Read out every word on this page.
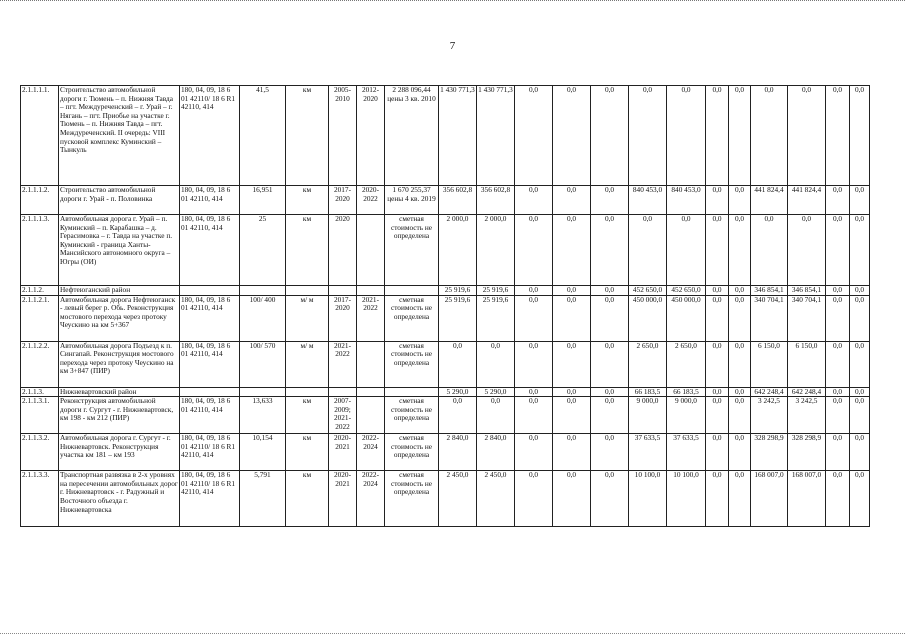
7
2.1.1.1.1.	Строительство автомобильной дороги г. Тюмень – п. Нижняя Тавда – пгт. Междуреченский – г. Урай – г. Нягань – пгт. Приобье на участке г. Тюмень – п. Нижняя Тавда – пгт. Междуреченский. II очередь: VIII пусковой комплекс Куминский – Тынкуль	180, 04, 09, 18 6 01 42110/ 18 6 R1 42110, 414	41,5	км	2005-2010	2012-2020	2 288 096,44 цены 3 кв. 2010	1 430 771,3	1 430 771,3	0,0	0,0	0,0	0,0	0,0	0,0	0,0	0,0	0,0	0,0	0,0
2.1.1.1.2.	Строительство автомобильной дороги г. Урай - п. Половинка	180, 04, 09, 18 6 01 42110, 414	16,951	км	2017-2020	2020-2022	1 670 255,37 цены 4 кв. 2019	356 602,8	356 602,8	0,0	0,0	0,0	840 453,0	840 453,0	0,0	0,0	441 824,4	441 824,4	0,0	0,0
2.1.1.1.3.	Автомобильная дорога г. Урай – п. Куминский – п. Карабашка – д. Герасимовка – г. Тавда на участке п. Куминский - граница Ханты-Мансийского автономного округа – Югры (ОИ)	180, 04, 09, 18 6 01 42110, 414	25	км	2020		сметная стоимость не определена	2 000,0	2 000,0	0,0	0,0	0,0	0,0	0,0	0,0	0,0	0,0	0,0	0,0	0,0
2.1.1.2.	Нефтеюганский район							25 919,6	25 919,6	0,0	0,0	0,0	452 650,0	452 650,0	0,0	0,0	346 854,1	346 854,1	0,0	0,0
2.1.1.2.1.	Автомобильная дорога Нефтеюганск - левый берег р. Обь. Реконструкция мостового перехода через протоку Чеускино на км 5+367	180, 04, 09, 18 6 01 42110, 414	100/ 400	м/ м	2017-2020	2021-2022	сметная стоимость не определена	25 919,6	25 919,6	0,0	0,0	0,0	450 000,0	450 000,0	0,0	0,0	340 704,1	340 704,1	0,0	0,0
2.1.1.2.2.	Автомобильная дорога Подъезд к п. Сингапай. Реконструкция мостового перехода через протоку Чеускино на км 3+847 (ПИР)	180, 04, 09, 18 6 01 42110, 414	100/ 570	м/ м	2021-2022		сметная стоимость не определена	0,0	0,0	0,0	0,0	0,0	2 650,0	2 650,0	0,0	0,0	6 150,0	6 150,0	0,0	0,0
2.1.1.3.	Нижневартовский район							5 290,0	5 290,0	0,0	0,0	0,0	66 183,5	66 183,5	0,0	0,0	642 248,4	642 248,4	0,0	0,0
2.1.1.3.1.	Реконструкция автомобильной дороги г. Сургут - г. Нижневартовск, км 198 - км 212 (ПИР)	180, 04, 09, 18 6 01 42110, 414	13,633	км	2007-2009; 2021-2022		сметная стоимость не определена	0,0	0,0	0,0	0,0	0,0	9 000,0	9 000,0	0,0	0,0	3 242,5	3 242,5	0,0	0,0
2.1.1.3.2.	Автомобильная дорога г. Сургут - г. Нижневартовск. Реконструкция участка км 181 – км 193	180, 04, 09, 18 6 01 42110/ 18 6 R1 42110, 414	10,154	км	2020-2021	2022-2024	сметная стоимость не определена	2 840,0	2 840,0	0,0	0,0	0,0	37 633,5	37 633,5	0,0	0,0	328 298,9	328 298,9	0,0	0,0
2.1.1.3.3.	Транспортная развязка в 2-х уровнях на пересечении автомобильных дорог г. Нижневартовск - г. Радужный и Восточного объезда г. Нижневартовска	180, 04, 09, 18 6 01 42110/ 18 6 R1 42110, 414	5,791	км	2020-2021	2022-2024	сметная стоимость не определена	2 450,0	2 450,0	0,0	0,0	0,0	10 100,0	10 100,0	0,0	0,0	168 007,0	168 007,0	0,0	0,0
